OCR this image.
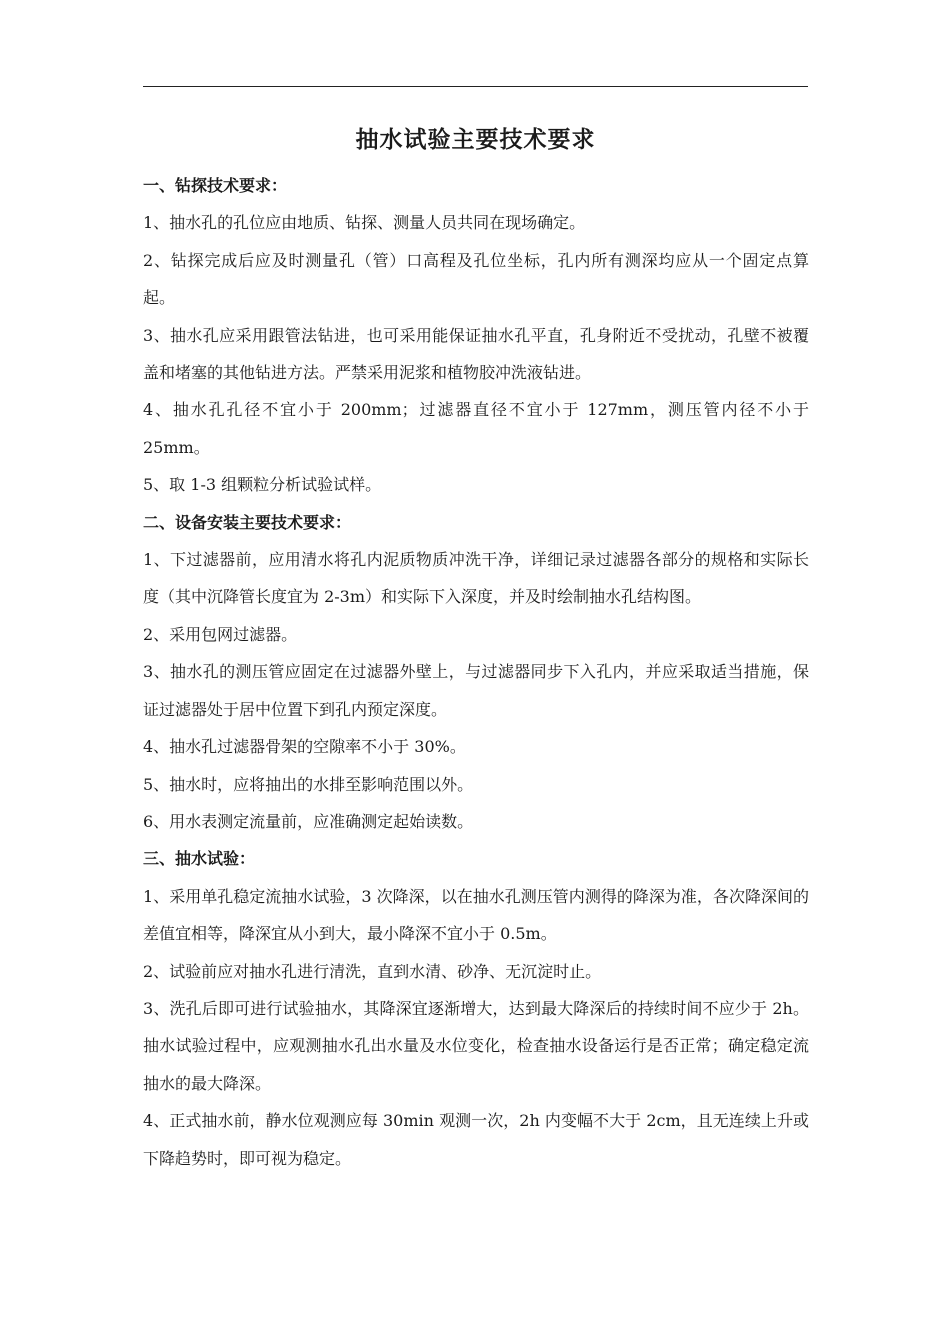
抽水试验主要技术要求

一、钻探技术要求：

1、抽水孔的孔位应由地质、钻探、测量人员共同在现场确定。

2、钻探完成后应及时测量孔（管）口高程及孔位坐标，孔内所有测深均应从一个固定点算起。

3、抽水孔应采用跟管法钻进，也可采用能保证抽水孔平直，孔身附近不受扰动，孔壁不被覆盖和堵塞的其他钻进方法。严禁采用泥浆和植物胶冲洗液钻进。

4、抽水孔孔径不宜小于 200mm；过滤器直径不宜小于 127mm，测压管内径不小于 25mm。

5、取 1-3 组颗粒分析试验试样。

二、设备安装主要技术要求：

1、下过滤器前，应用清水将孔内泥质物质冲洗干净，详细记录过滤器各部分的规格和实际长度（其中沉降管长度宜为 2-3m）和实际下入深度，并及时绘制抽水孔结构图。

2、采用包网过滤器。

3、抽水孔的测压管应固定在过滤器外壁上，与过滤器同步下入孔内，并应采取适当措施，保证过滤器处于居中位置下到孔内预定深度。

4、抽水孔过滤器骨架的空隙率不小于 30%。

5、抽水时，应将抽出的水排至影响范围以外。

6、用水表测定流量前，应准确测定起始读数。

三、抽水试验：

1、采用单孔稳定流抽水试验，3 次降深，以在抽水孔测压管内测得的降深为准，各次降深间的差值宜相等，降深宜从小到大，最小降深不宜小于 0.5m。

2、试验前应对抽水孔进行清洗，直到水清、砂净、无沉淀时止。

3、洗孔后即可进行试验抽水，其降深宜逐渐增大，达到最大降深后的持续时间不应少于 2h。抽水试验过程中，应观测抽水孔出水量及水位变化，检查抽水设备运行是否正常；确定稳定流抽水的最大降深。

4、正式抽水前，静水位观测应每 30min 观测一次，2h 内变幅不大于 2cm，且无连续上升或下降趋势时，即可视为稳定。
